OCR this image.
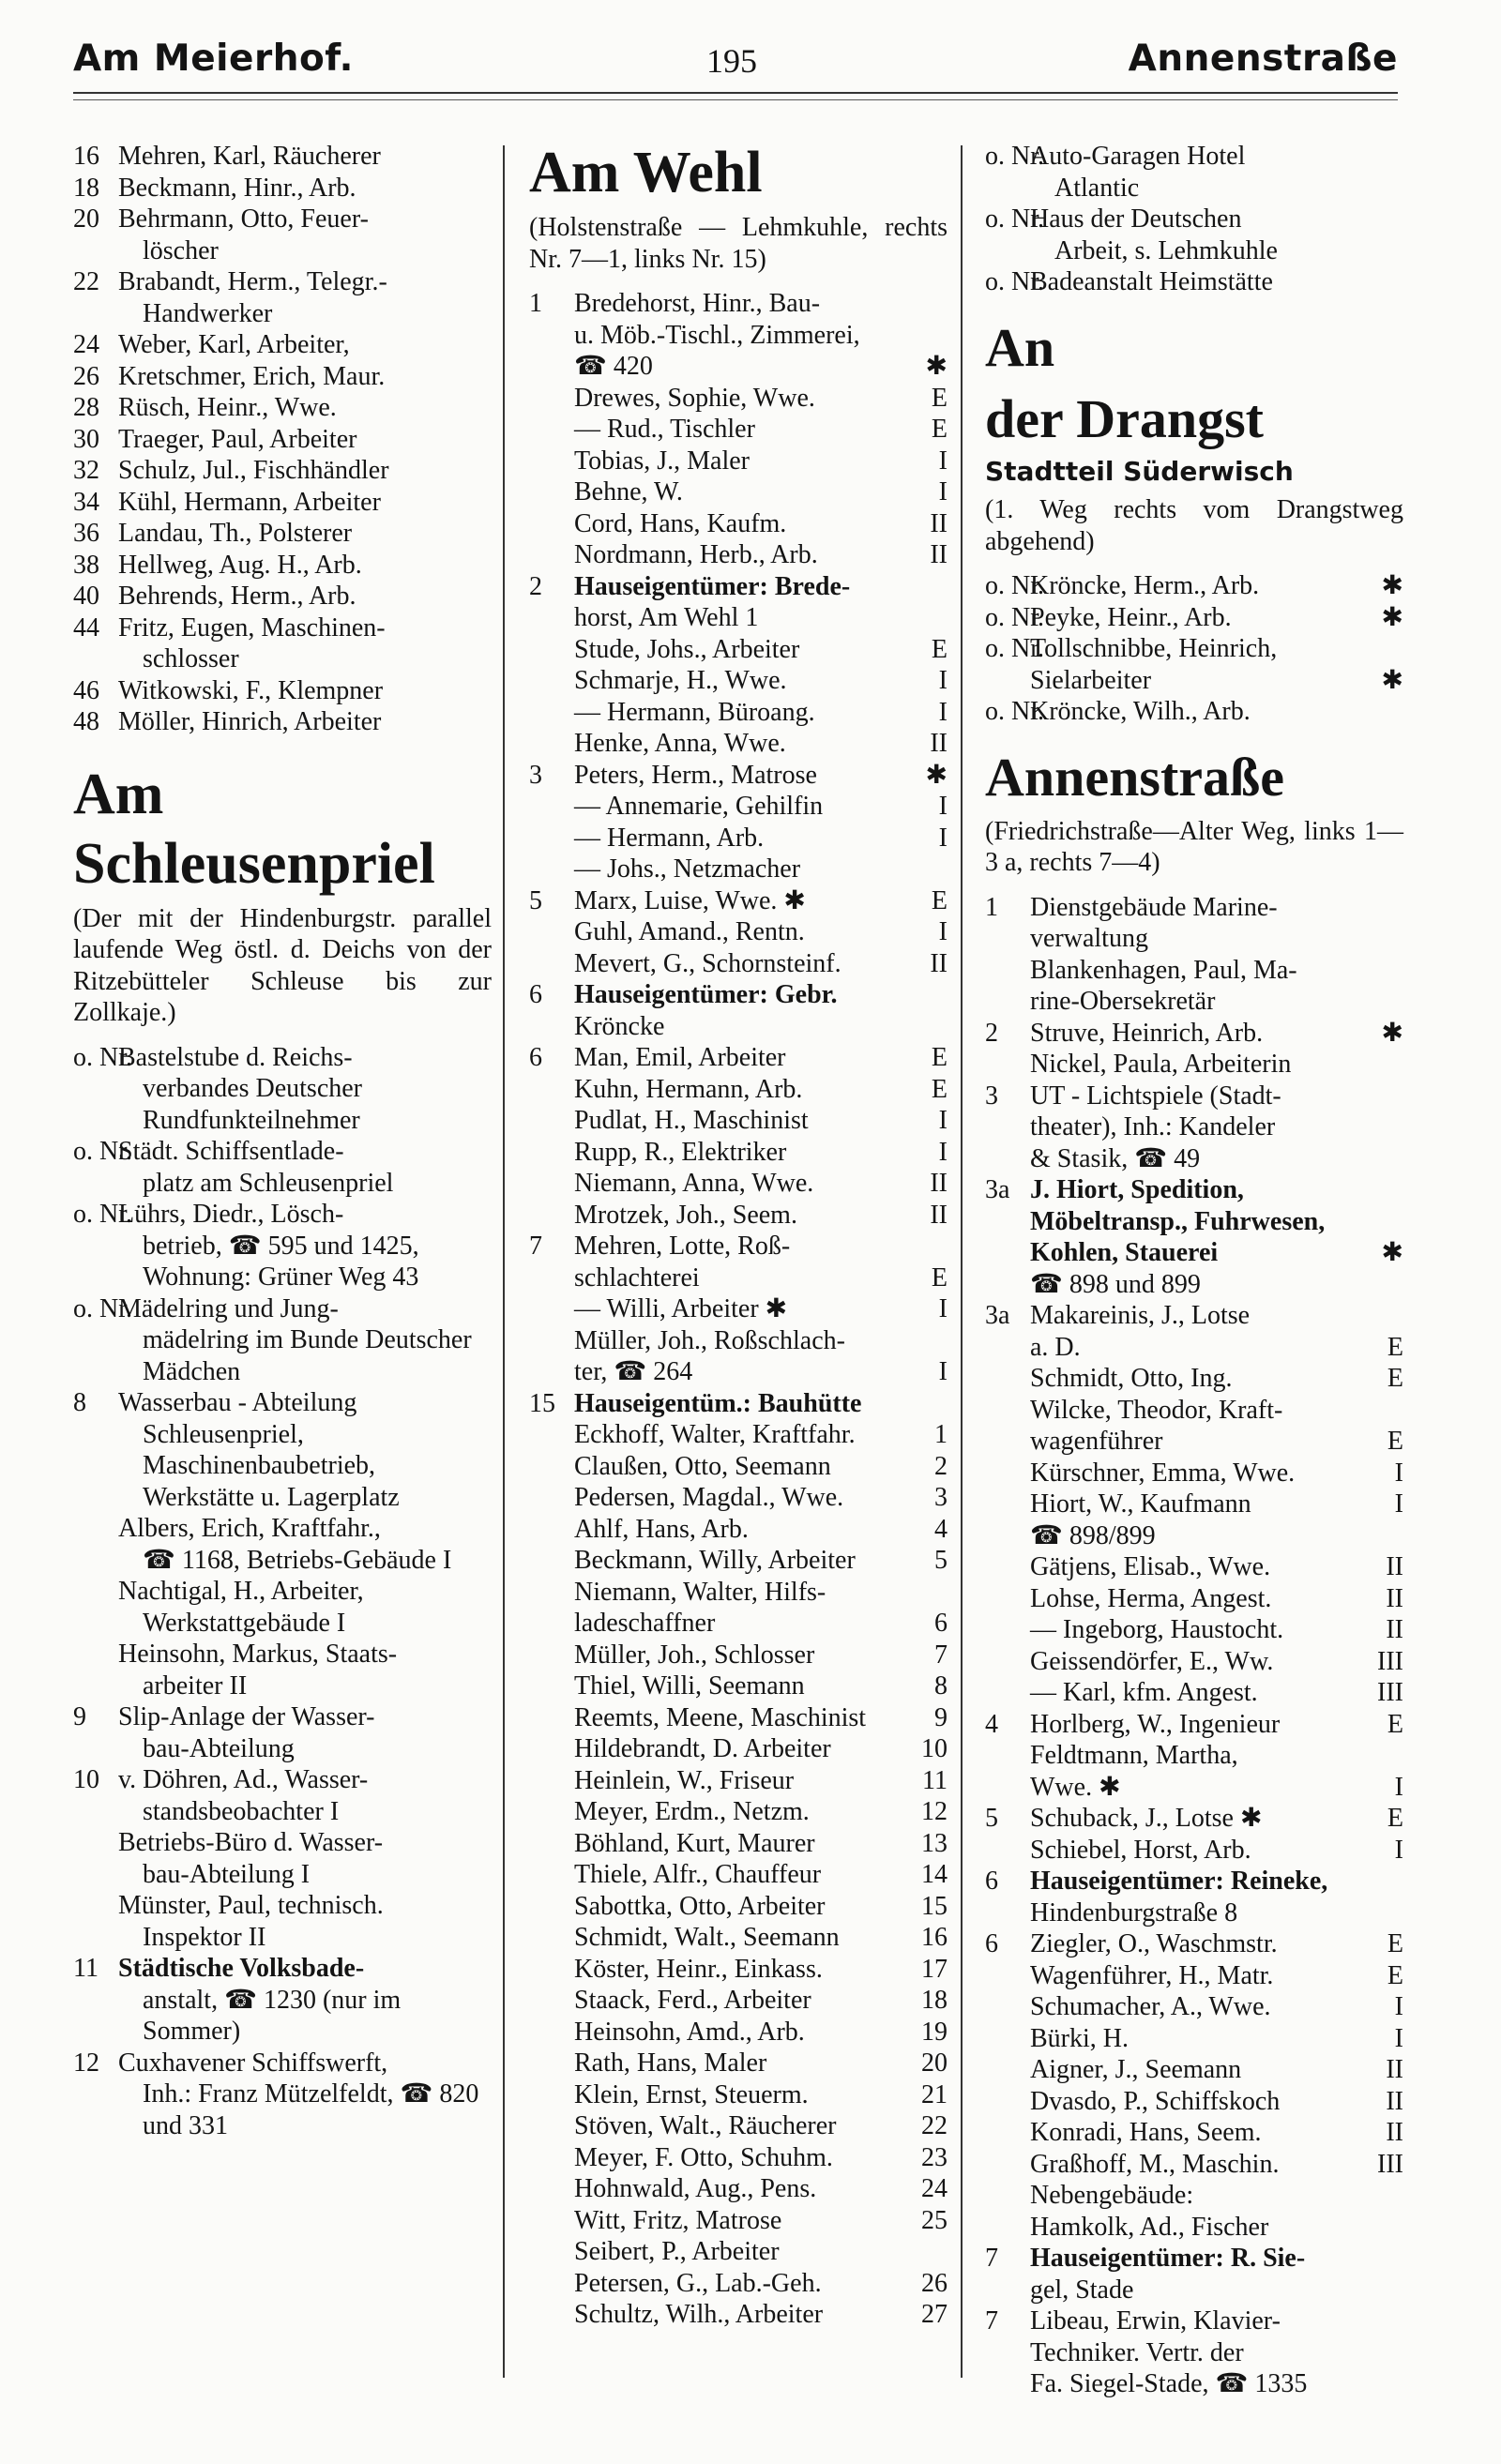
Am Meierhof.	195	Annenstraße
16 Mehren, Karl, Räucherer
18 Beckmann, Hinr., Arb.
20 Behrmann, Otto, Feuer-
löscher
22 Brabandt, Herm., Telegr.-
Handwerker
24 Weber, Karl, Arbeiter,
26 Kretschmer, Erich, Maur.
28 Rüsch, Heinr., Wwe.
30 Traeger, Paul, Arbeiter
32 Schulz, Jul., Fischhändler
34 Kühl, Hermann, Arbeiter
36 Landau, Th., Polsterer
38 Hellweg, Aug. H., Arb.
40 Behrends, Herm., Arb.
44 Fritz, Eugen, Maschinen-
schlosser
46 Witkowski, F., Klempner
48 Möller, Hinrich, Arbeiter
Am
Schleusenpriel
(Der mit der Hindenburgstr. parallel laufende Weg östl. d. Deichs von der Ritzebütteler Schleuse bis zur Zollkaje.)
o. Nr.
Bastelstube d. Reichs-
verbandes Deutscher Rundfunkteilnehmer
o. Nr.
Städt. Schiffsentlade-
platz am Schleusenpriel
o. Nr.
Lührs, Diedr., Lösch-
betrieb, ☎ 595 und 1425, Wohnung: Grüner Weg 43
o. Nr.
Mädelring und Jung-
mädelring im Bunde Deutscher Mädchen
8 Wasserbau - Abteilung
Schleusenpriel, Maschinenbaubetrieb, Werkstätte u. Lagerplatz
Albers, Erich, Kraftfahr.,
☎ 1168, Betriebs-Gebäude I
Nachtigal, H., Arbeiter,
Werkstattgebäude I
Heinsohn, Markus, Staats-
arbeiter II
9 Slip-Anlage der Wasser-
bau-Abteilung
10 v. Döhren, Ad., Wasser-
standsbeobachter I
Betriebs-Büro d. Wasser-
bau-Abteilung I
Münster, Paul, technisch.
Inspektor II
11 Städtische Volksbade-
anstalt, ☎ 1230 (nur im Sommer)
12 Cuxhavener Schiffswerft,
Inh.: Franz Mützelfeldt, ☎ 820 und 331
Am Wehl
(Holstenstraße — Lehmkuhle, rechts Nr. 7—1, links Nr. 15)
1 Bredehorst, Hinr., Bau-
u. Möb.-Tischl., Zimmerei,
☎ 420	✱
Drewes, Sophie, Wwe.	E
— Rud., Tischler	E
Tobias, J., Maler	I
Behne, W.	I
Cord, Hans, Kaufm.	II
Nordmann, Herb., Arb.	II
2 Hauseigentümer: Brede-
horst, Am Wehl 1
Stude, Johs., Arbeiter	E
Schmarje, H., Wwe.	I
— Hermann, Büroang.	I
Henke, Anna, Wwe.	II
3 Peters, Herm., Matrose	✱
— Annemarie, Gehilfin	I
— Hermann, Arb.	I
— Johs., Netzmacher
5 Marx, Luise, Wwe. ✱	E
Guhl, Amand., Rentn.	I
Mevert, G., Schornsteinf.	II
6 Hauseigentümer: Gebr.
Kröncke
6 Man, Emil, Arbeiter	E
Kuhn, Hermann, Arb.	E
Pudlat, H., Maschinist	I
Rupp, R., Elektriker	I
Niemann, Anna, Wwe.	II
Mrotzek, Joh., Seem.	II
7 Mehren, Lotte, Roß-
schlachterei	E
— Willi, Arbeiter ✱	I
Müller, Joh., Roßschlach-
ter, ☎ 264	I
15 Hauseigentüm.: Bauhütte
Eckhoff, Walter, Kraftfahr.	1
Claußen, Otto, Seemann	2
Pedersen, Magdal., Wwe.	3
Ahlf, Hans, Arb.	4
Beckmann, Willy, Arbeiter	5
Niemann, Walter, Hilfs-
ladeschaffner	6
Müller, Joh., Schlosser	7
Thiel, Willi, Seemann	8
Reemts, Meene, Maschinist	9
Hildebrandt, D. Arbeiter	10
Heinlein, W., Friseur	11
Meyer, Erdm., Netzm.	12
Böhland, Kurt, Maurer	13
Thiele, Alfr., Chauffeur	14
Sabottka, Otto, Arbeiter	15
Schmidt, Walt., Seemann	16
Köster, Heinr., Einkass.	17
Staack, Ferd., Arbeiter	18
Heinsohn, Amd., Arb.	19
Rath, Hans, Maler	20
Klein, Ernst, Steuerm.	21
Stöven, Walt., Räucherer	22
Meyer, F. Otto, Schuhm.	23
Hohnwald, Aug., Pens.	24
Witt, Fritz, Matrose	25
Seibert, P., Arbeiter
Petersen, G., Lab.-Geh.	26
Schultz, Wilh., Arbeiter	27
o. Nr.
Auto-Garagen Hotel
Atlantic
o. Nr.
Haus der Deutschen
Arbeit, s. Lehmkuhle
o. Nr.
Badeanstalt Heimstätte
An
der Drangst
Stadtteil Süderwisch
(1. Weg rechts vom Drangstweg abgehend)
o. Nr.
Kröncke, Herm., Arb.	✱
o. Nr.
Peyke, Heinr., Arb.	✱
o. Nr.
Tollschnibbe, Heinrich,
Sielarbeiter	✱
o. Nr.
Kröncke, Wilh., Arb.
Annenstraße
(Friedrichstraße—Alter Weg, links 1—3 a, rechts 7—4)
1 Dienstgebäude Marine-
verwaltung
Blankenhagen, Paul, Ma-
rine-Obersekretär
2 Struve, Heinrich, Arb.	✱
Nickel, Paula, Arbeiterin
3 UT - Lichtspiele (Stadt-
theater), Inh.: Kandeler
& Stasik, ☎ 49
3a J. Hiort, Spedition,
Möbeltransp., Fuhrwesen,
Kohlen, Stauerei	✱
☎ 898 und 899
3a Makareinis, J., Lotse
a. D.	E
Schmidt, Otto, Ing.	E
Wilcke, Theodor, Kraft-
wagenführer	E
Kürschner, Emma, Wwe.	I
Hiort, W., Kaufmann	I
☎ 898/899
Gätjens, Elisab., Wwe.	II
Lohse, Herma, Angest.	II
— Ingeborg, Haustocht.	II
Geissendörfer, E., Ww.	III
— Karl, kfm. Angest.	III
4 Horlberg, W., Ingenieur	E
Feldtmann, Martha,
Wwe. ✱	I
5 Schuback, J., Lotse ✱	E
Schiebel, Horst, Arb.	I
6 Hauseigentümer: Reineke,
Hindenburgstraße 8
6 Ziegler, O., Waschmstr.	E
Wagenführer, H., Matr.	E
Schumacher, A., Wwe.	I
Bürki, H.	I
Aigner, J., Seemann	II
Dvasdo, P., Schiffskoch	II
Konradi, Hans, Seem.	II
Graßhoff, M., Maschin.	III
Nebengebäude:
Hamkolk, Ad., Fischer
7 Hauseigentümer: R. Sie-
gel, Stade
7 Libeau, Erwin, Klavier-
Techniker. Vertr. der
Fa. Siegel-Stade, ☎ 1335
